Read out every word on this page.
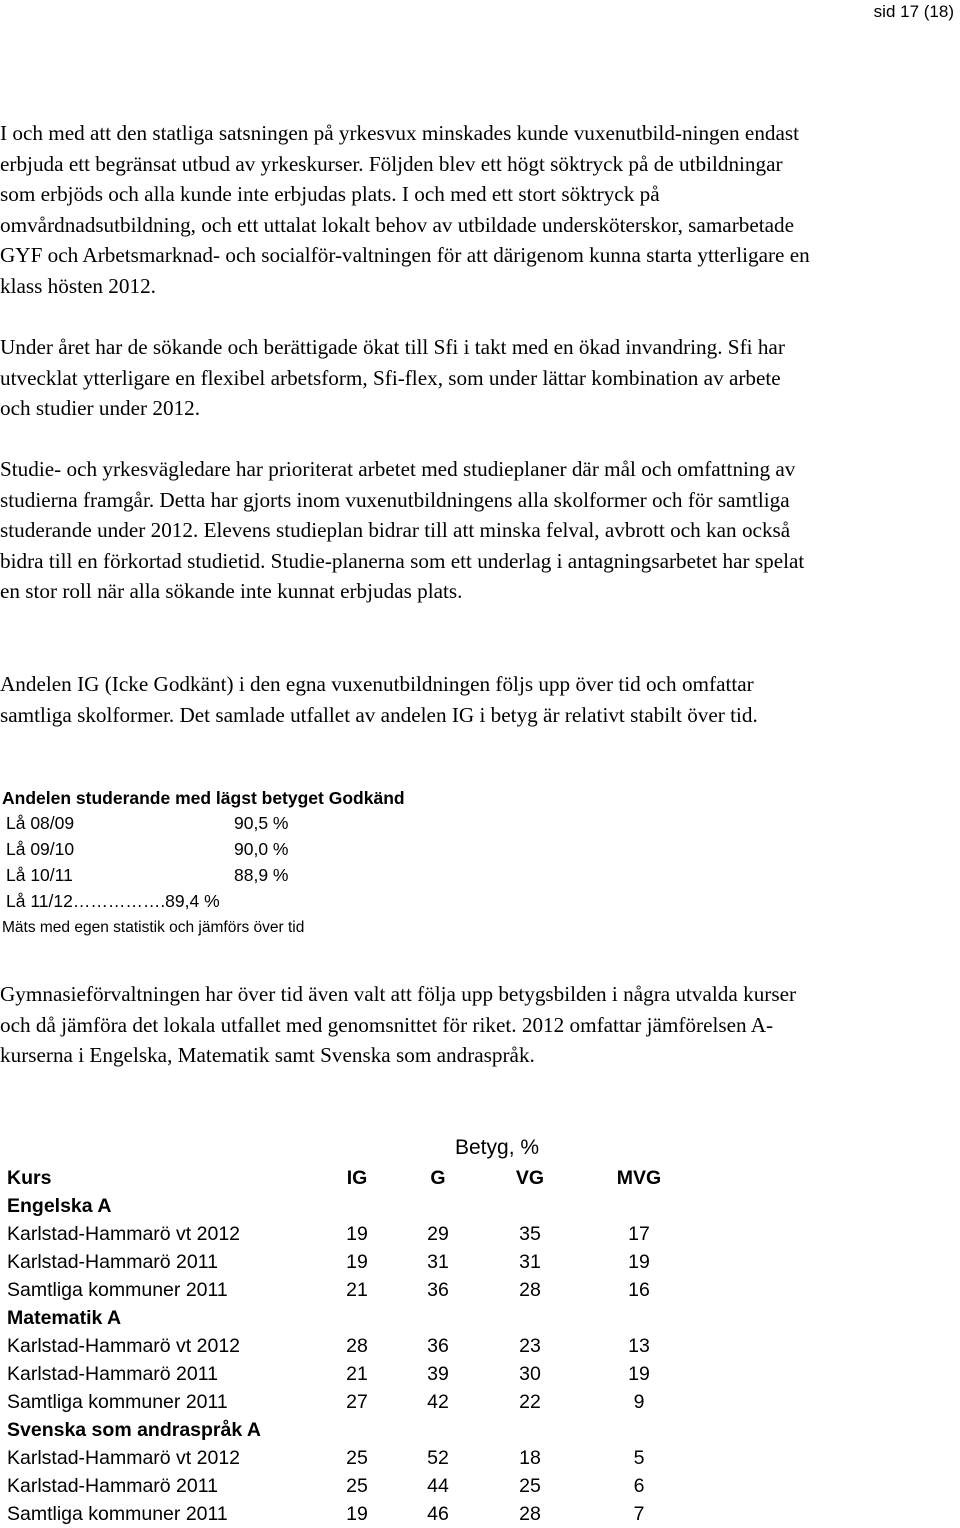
sid 17 (18)

I och med att den statliga satsningen på yrkesvux minskades kunde vuxenutbild-ningen endast erbjuda ett begränsat utbud av yrkeskurser. Följden blev ett högt söktryck på de utbildningar som erbjöds och alla kunde inte erbjudas plats. I och med ett stort söktryck på omvårdnadsutbildning, och ett uttalat lokalt behov av utbildade undersköterskor, samarbetade GYF och Arbetsmarknad- och socialför-valtningen för att därigenom kunna starta ytterligare en klass hösten 2012.

Under året har de sökande och berättigade ökat till Sfi i takt med en ökad invandring. Sfi har utvecklat ytterligare en flexibel arbetsform, Sfi-flex, som under lättar kombination av arbete och studier under 2012.

Studie- och yrkesvägledare har prioriterat arbetet med studieplaner där mål och omfattning av studierna framgår. Detta har gjorts inom vuxenutbildningens alla skolformer och för samtliga studerande under 2012. Elevens studieplan bidrar till att minska felval, avbrott och kan också bidra till en förkortad studietid. Studie-planerna som ett underlag i antagningsarbetet har spelat en stor roll när alla sökande inte kunnat erbjudas plats.

Andelen IG (Icke Godkänt) i den egna vuxenutbildningen följs upp över tid och omfattar samtliga skolformer. Det samlade utfallet av andelen IG i betyg är relativt stabilt över tid.

Andelen studerande med lägst betyget Godkänd

Lå 08/09	90,5 %
Lå 09/10	90,0 %
Lå 10/11	88,9 %
Lå 11/12…………….89,4 %
Mäts med egen statistik och jämförs över tid

Gymnasieförvaltningen har över tid även valt att följa upp betygsbilden i några utvalda kurser och då jämföra det lokala utfallet med genomsnittet för riket. 2012 omfattar jämförelsen A-kurserna i Engelska, Matematik samt Svenska som andraspråk.

Betyg, %
Kurs	IG	G	VG	MVG
Engelska A
Karlstad-Hammarö vt 2012	19	29	35	17
Karlstad-Hammarö 2011	19	31	31	19
Samtliga kommuner 2011	21	36	28	16
Matematik A
Karlstad-Hammarö vt 2012	28	36	23	13
Karlstad-Hammarö 2011	21	39	30	19
Samtliga kommuner 2011	27	42	22	9
Svenska som andraspråk A
Karlstad-Hammarö vt 2012	25	52	18	5
Karlstad-Hammarö 2011	25	44	25	6
Samtliga kommuner 2011	19	46	28	7
